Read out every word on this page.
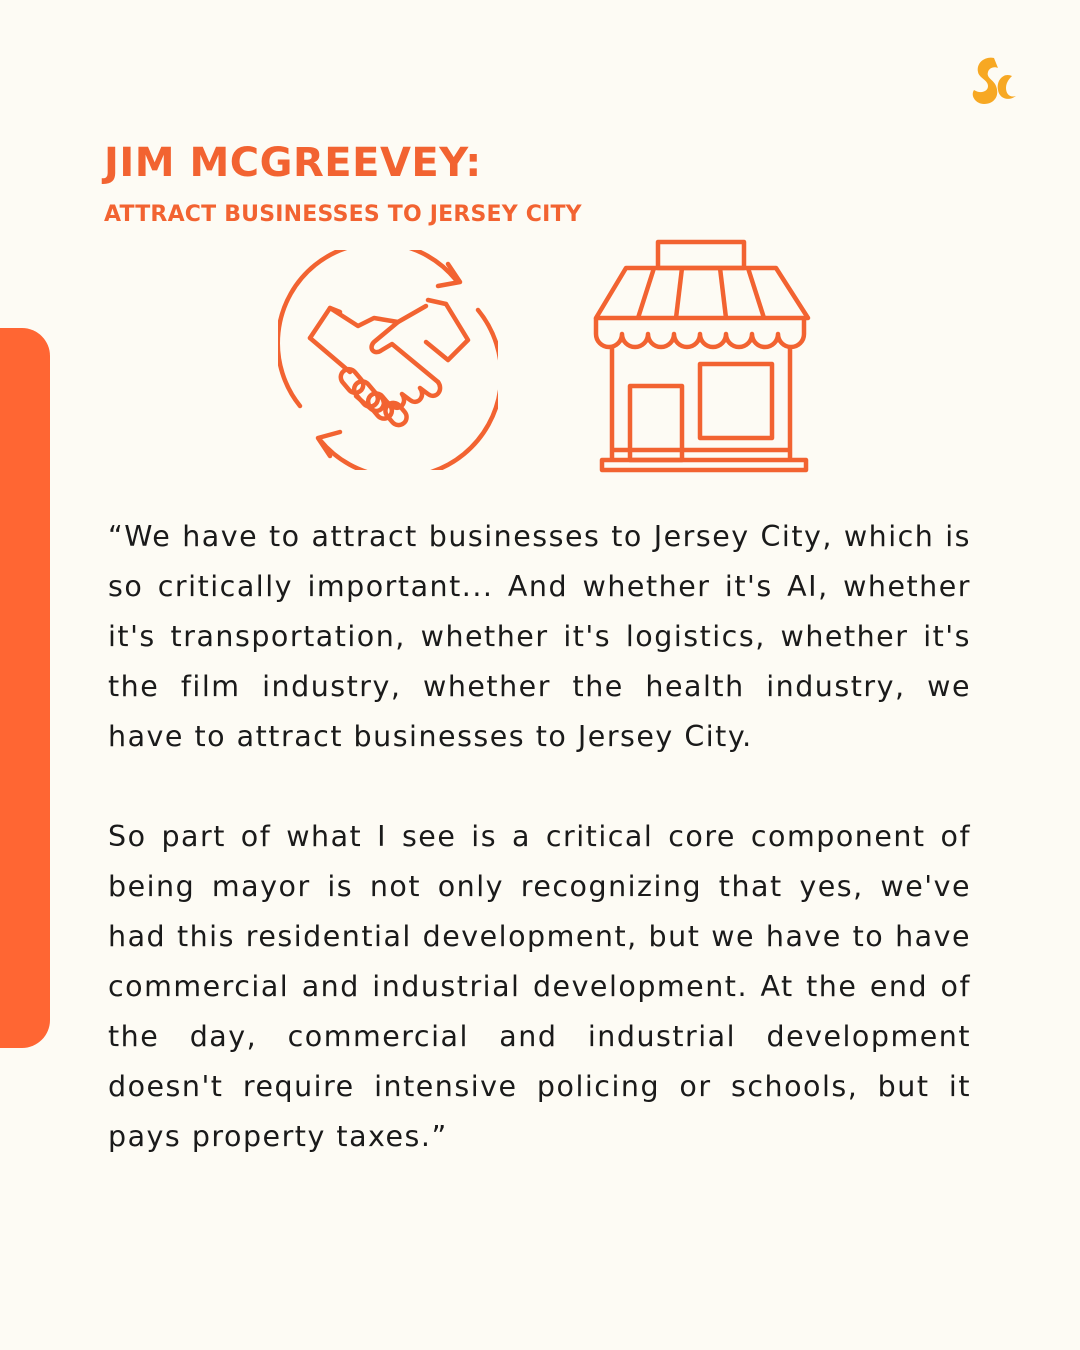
JIM MCGREEVEY:
ATTRACT BUSINESSES TO JERSEY CITY

“We have to attract businesses to Jersey City, which is so critically important... And whether it's AI, whether it's transportation, whether it's logistics, whether it's the film industry, whether the health industry, we have to attract businesses to Jersey City.

So part of what I see is a critical core component of being mayor is not only recognizing that yes, we've had this residential development, but we have to have commercial and industrial development. At the end of the day, commercial and industrial development doesn't require intensive policing or schools, but it pays property taxes.”
